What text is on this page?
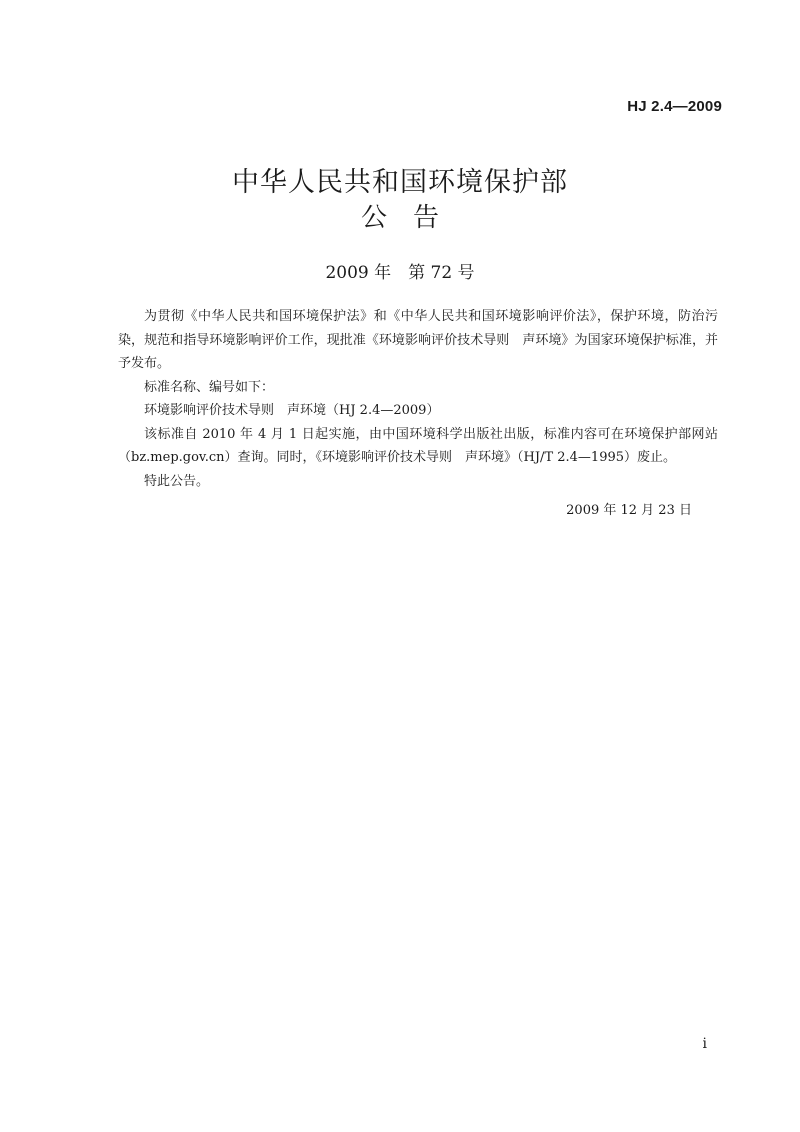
HJ 2.4—2009
中华人民共和国环境保护部
公　告
2009 年　第 72 号

为贯彻《中华人民共和国环境保护法》和《中华人民共和国环境影响评价法》，保护环境，防治污染，规范和指导环境影响评价工作，现批准《环境影响评价技术导则　声环境》为国家环境保护标准，并予发布。

标准名称、编号如下：

环境影响评价技术导则　声环境（HJ 2.4—2009）

该标准自 2010 年 4 月 1 日起实施，由中国环境科学出版社出版，标准内容可在环境保护部网站（bz.mep.gov.cn）查询。同时，《环境影响评价技术导则　声环境》（HJ/T 2.4—1995）废止。

特此公告。

2009 年 12 月 23 日
i
